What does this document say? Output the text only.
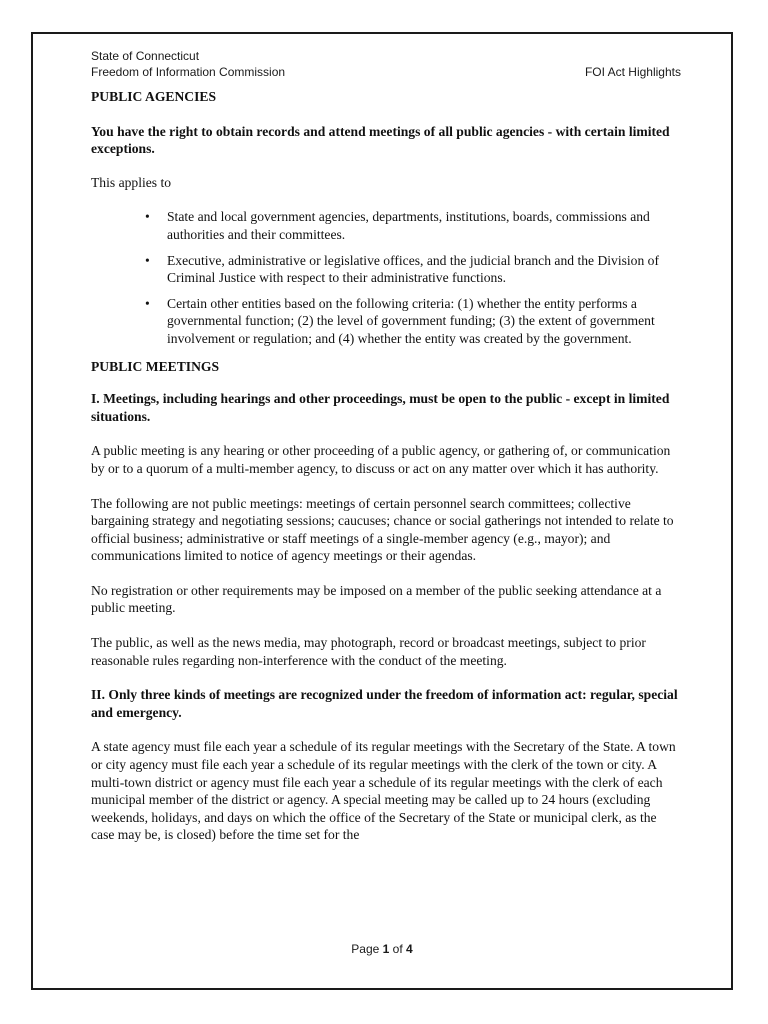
State of Connecticut
Freedom of Information Commission	FOI Act Highlights
PUBLIC AGENCIES

You have the right to obtain records and attend meetings of all public agencies - with certain limited exceptions.

This applies to

• State and local government agencies, departments, institutions, boards, commissions and authorities and their committees.
• Executive, administrative or legislative offices, and the judicial branch and the Division of Criminal Justice with respect to their administrative functions.
• Certain other entities based on the following criteria: (1) whether the entity performs a governmental function; (2) the level of government funding; (3) the extent of government involvement or regulation; and (4) whether the entity was created by the government.
PUBLIC MEETINGS

I. Meetings, including hearings and other proceedings, must be open to the public - except in limited situations.

A public meeting is any hearing or other proceeding of a public agency, or gathering of, or communication by or to a quorum of a multi-member agency, to discuss or act on any matter over which it has authority.

The following are not public meetings: meetings of certain personnel search committees; collective bargaining strategy and negotiating sessions; caucuses; chance or social gatherings not intended to relate to official business; administrative or staff meetings of a single-member agency (e.g., mayor); and communications limited to notice of agency meetings or their agendas.

No registration or other requirements may be imposed on a member of the public seeking attendance at a public meeting.

The public, as well as the news media, may photograph, record or broadcast meetings, subject to prior reasonable rules regarding non-interference with the conduct of the meeting.

II. Only three kinds of meetings are recognized under the freedom of information act: regular, special and emergency.

A state agency must file each year a schedule of its regular meetings with the Secretary of the State. A town or city agency must file each year a schedule of its regular meetings with the clerk of the town or city. A multi-town district or agency must file each year a schedule of its regular meetings with the clerk of each municipal member of the district or agency. A special meeting may be called up to 24 hours (excluding weekends, holidays, and days on which the office of the Secretary of the State or municipal clerk, as the case may be, is closed) before the time set for the

Page 1 of 4
